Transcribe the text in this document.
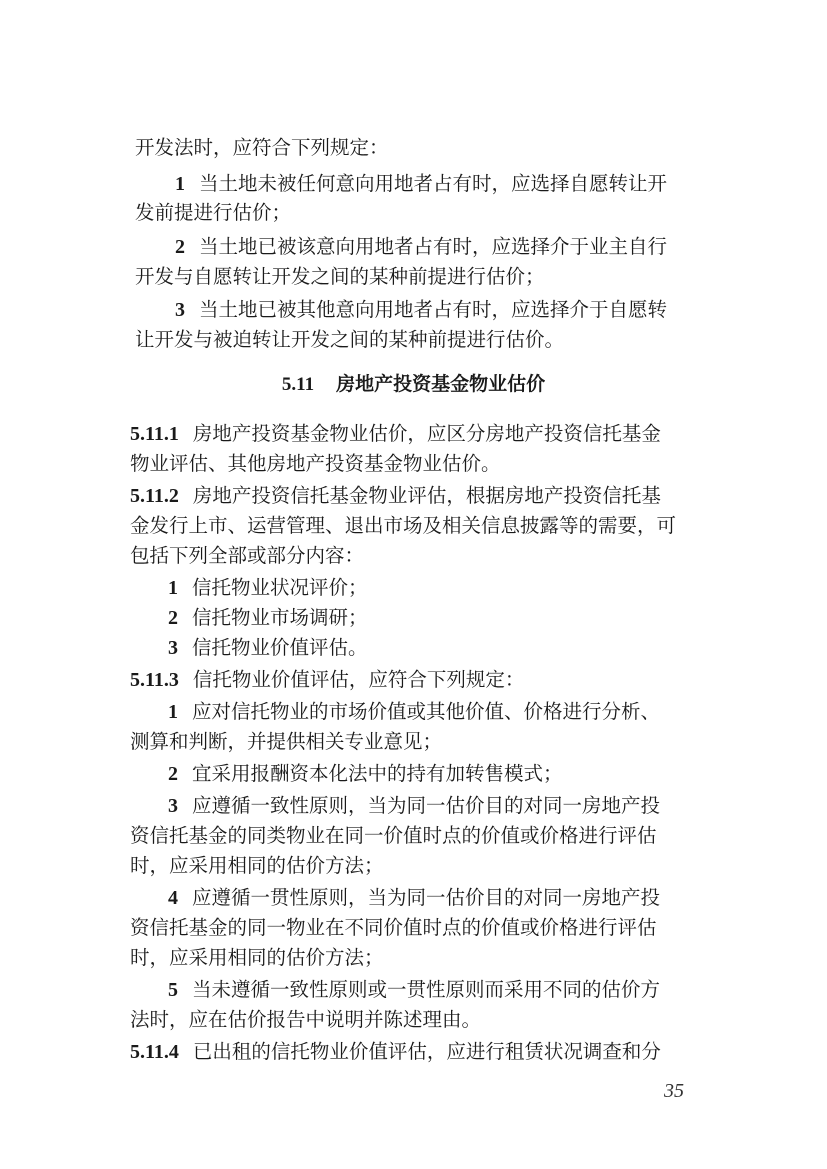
开发法时，应符合下列规定：
1 当土地未被任何意向用地者占有时，应选择自愿转让开
发前提进行估价；
2 当土地已被该意向用地者占有时，应选择介于业主自行
开发与自愿转让开发之间的某种前提进行估价；
3 当土地已被其他意向用地者占有时，应选择介于自愿转
让开发与被迫转让开发之间的某种前提进行估价。
5.11 房地产投资基金物业估价
5.11.1 房地产投资基金物业估价，应区分房地产投资信托基金
物业评估、其他房地产投资基金物业估价。
5.11.2 房地产投资信托基金物业评估，根据房地产投资信托基
金发行上市、运营管理、退出市场及相关信息披露等的需要，可
包括下列全部或部分内容：
1 信托物业状况评价；
2 信托物业市场调研；
3 信托物业价值评估。
5.11.3 信托物业价值评估，应符合下列规定：
1 应对信托物业的市场价值或其他价值、价格进行分析、
测算和判断，并提供相关专业意见；
2 宜采用报酬资本化法中的持有加转售模式；
3 应遵循一致性原则，当为同一估价目的对同一房地产投
资信托基金的同类物业在同一价值时点的价值或价格进行评估
时，应采用相同的估价方法；
4 应遵循一贯性原则，当为同一估价目的对同一房地产投
资信托基金的同一物业在不同价值时点的价值或价格进行评估
时，应采用相同的估价方法；
5 当未遵循一致性原则或一贯性原则而采用不同的估价方
法时，应在估价报告中说明并陈述理由。
5.11.4 已出租的信托物业价值评估，应进行租赁状况调查和分
35
